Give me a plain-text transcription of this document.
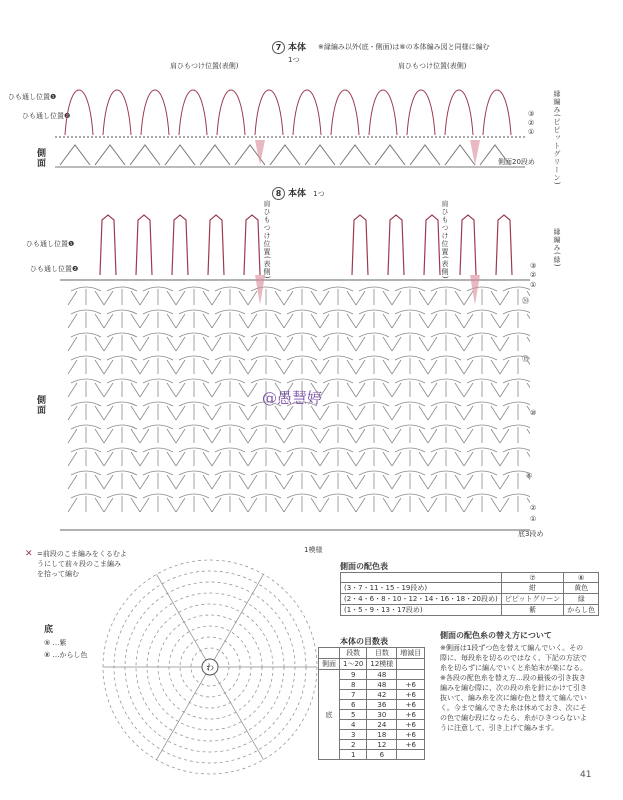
7 本体 ※縁編み以外(底・側面)は⑧の本体編み図と同様に編む
1つ
肩ひもつけ位置(表側)	肩ひもつけ位置(表側)
ひも通し位置❶
ひも通し位置❷
側面	縁編み(ピピットグリーン)
③
②
①
側面20段め
8 本体 1つ
肩ひもつけ位置(表側)	肩ひもつけ位置(表側)
ひも通し位置❶
ひも通し位置❷
側面
縁編み(緑)
③
②
①
⑳
⑮
⑩
⑤
②
①
底3段め
1模様
@愚慧婷
✕ =前段のこま編みをくるむようにして前々段のこま編みを拾って編む
底
⑨ …紫
⑧ …からし色
わ
側面の配色表
	⑦	⑧
(3・7・11・15・19段め)	紺	黄色
(2・4・6・8・10・12・14・16・18・20段め)	ピピットグリーン	緑
(1・5・9・13・17段め)	紫	からし色
本体の目数表
	段数	目数	増減目
側面	1〜20	12模様	
底	9	48	
	8	48	+6
	7	42	+6
	6	36	+6
	5	30	+6
	4	24	+6
	3	18	+6
	2	12	+6
	1	6	
側面の配色糸の替え方について
※側面は1段ずつ色を替えて編んでいく。その際に、毎段糸を切るのではなく、下記の方法で糸を切らずに編んでいくと糸始末が楽になる。※各段の配色糸を替え方…段の最後の引き抜き編みを編む際に、次の段の糸を針にかけて引き抜いて、編み糸を次に編む色と替えて編んでいく。今まで編んできた糸は休めておき、次にその色で編む段になったら、糸がひきつらないように注意して、引き上げて編みます。
41
